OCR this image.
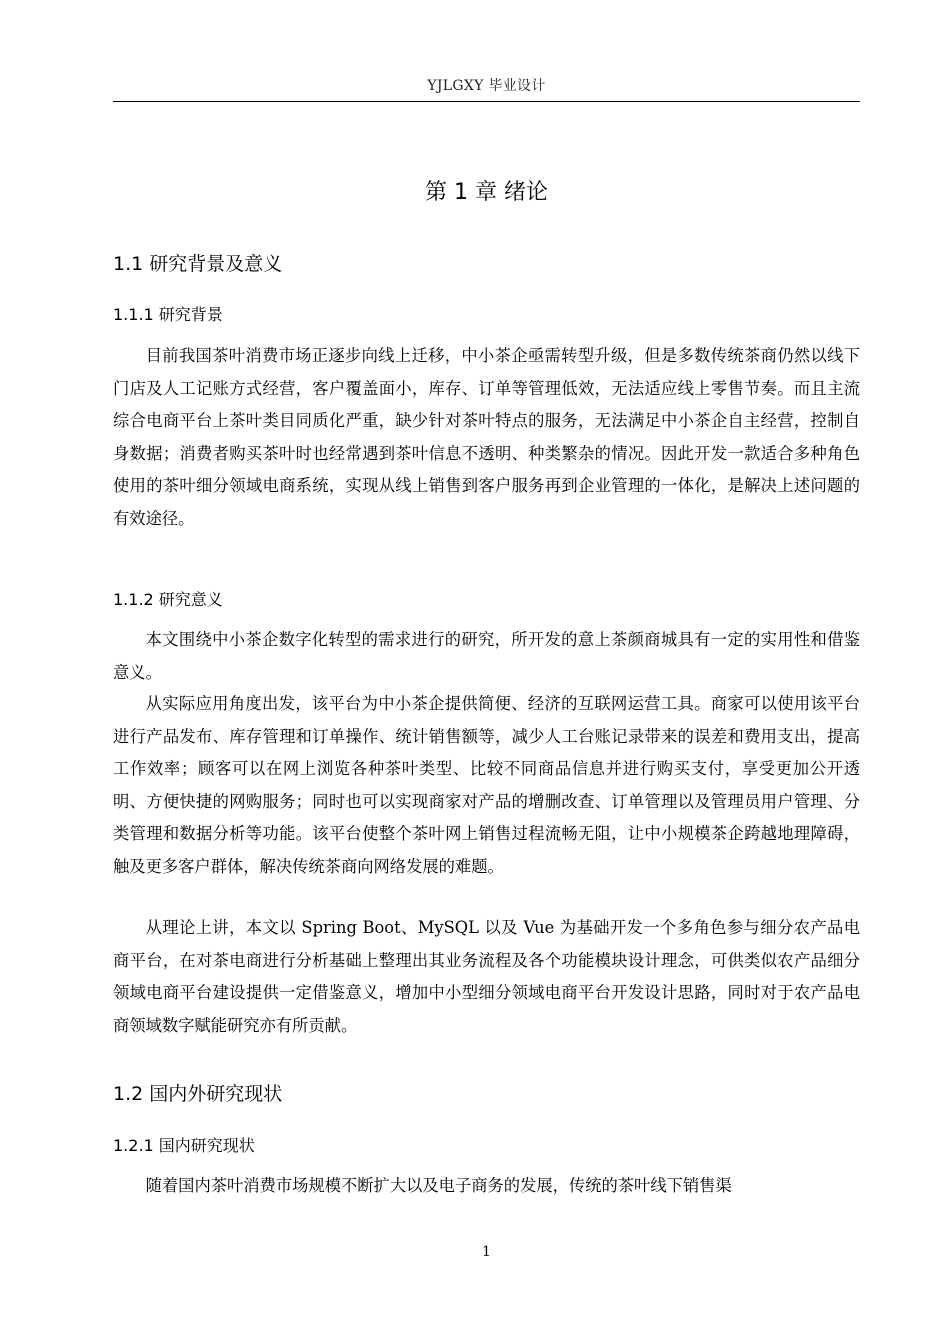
YJLGXY 毕业设计
第 1 章 绪论
1.1 研究背景及意义
1.1.1 研究背景

目前我国茶叶消费市场正逐步向线上迁移，中小茶企亟需转型升级，但是多数传统茶商仍然以线下门店及人工记账方式经营，客户覆盖面小，库存、订单等管理低效，无法适应线上零售节奏。而且主流综合电商平台上茶叶类目同质化严重，缺少针对茶叶特点的服务，无法满足中小茶企自主经营，控制自身数据；消费者购买茶叶时也经常遇到茶叶信息不透明、种类繁杂的情况。因此开发一款适合多种角色使用的茶叶细分领域电商系统，实现从线上销售到客户服务再到企业管理的一体化，是解决上述问题的有效途径。

1.1.2 研究意义

本文围绕中小茶企数字化转型的需求进行的研究，所开发的意上茶颜商城具有一定的实用性和借鉴意义。

从实际应用角度出发，该平台为中小茶企提供简便、经济的互联网运营工具。商家可以使用该平台进行产品发布、库存管理和订单操作、统计销售额等，减少人工台账记录带来的误差和费用支出，提高工作效率；顾客可以在网上浏览各种茶叶类型、比较不同商品信息并进行购买支付，享受更加公开透明、方便快捷的网购服务；同时也可以实现商家对产品的增删改查、订单管理以及管理员用户管理、分类管理和数据分析等功能。该平台使整个茶叶网上销售过程流畅无阻，让中小规模茶企跨越地理障碍，触及更多客户群体，解决传统茶商向网络发展的难题。

从理论上讲，本文以 Spring Boot、MySQL 以及 Vue 为基础开发一个多角色参与细分农产品电商平台，在对茶电商进行分析基础上整理出其业务流程及各个功能模块设计理念，可供类似农产品细分领域电商平台建设提供一定借鉴意义，增加中小型细分领域电商平台开发设计思路，同时对于农产品电商领域数字赋能研究亦有所贡献。

1.2 国内外研究现状
1.2.1 国内研究现状

随着国内茶叶消费市场规模不断扩大以及电子商务的发展，传统的茶叶线下销售渠

1
